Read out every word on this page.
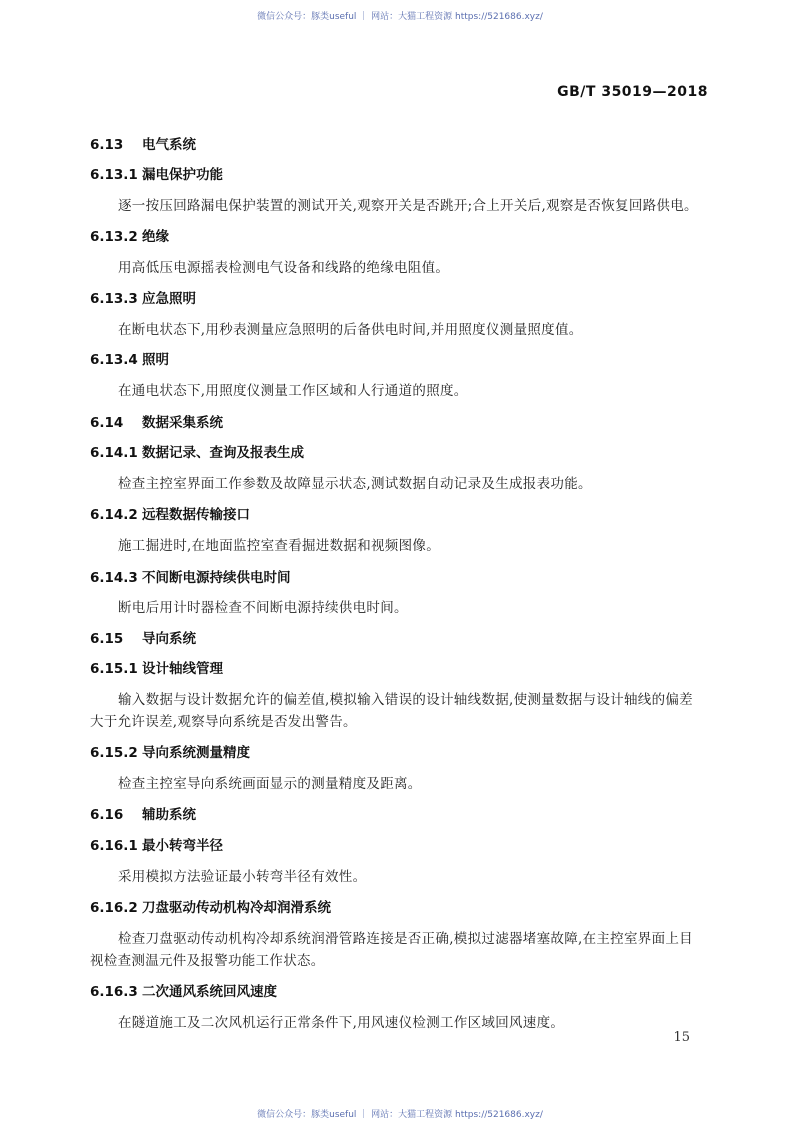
微信公众号：豚类useful ｜ 网站：大猫工程资源 https://521686.xyz/
GB/T 35019—2018
6.13 电气系统
6.13.1 漏电保护功能
逐一按压回路漏电保护装置的测试开关,观察开关是否跳开;合上开关后,观察是否恢复回路供电。
6.13.2 绝缘
用高低压电源摇表检测电气设备和线路的绝缘电阻值。
6.13.3 应急照明
在断电状态下,用秒表测量应急照明的后备供电时间,并用照度仪测量照度值。
6.13.4 照明
在通电状态下,用照度仪测量工作区域和人行通道的照度。
6.14 数据采集系统
6.14.1 数据记录、查询及报表生成
检查主控室界面工作参数及故障显示状态,测试数据自动记录及生成报表功能。
6.14.2 远程数据传输接口
施工掘进时,在地面监控室查看掘进数据和视频图像。
6.14.3 不间断电源持续供电时间
断电后用计时器检查不间断电源持续供电时间。
6.15 导向系统
6.15.1 设计轴线管理
输入数据与设计数据允许的偏差值,模拟输入错误的设计轴线数据,使测量数据与设计轴线的偏差
大于允许误差,观察导向系统是否发出警告。
6.15.2 导向系统测量精度
检查主控室导向系统画面显示的测量精度及距离。
6.16 辅助系统
6.16.1 最小转弯半径
采用模拟方法验证最小转弯半径有效性。
6.16.2 刀盘驱动传动机构冷却润滑系统
检查刀盘驱动传动机构冷却系统润滑管路连接是否正确,模拟过滤器堵塞故障,在主控室界面上目
视检查测温元件及报警功能工作状态。
6.16.3 二次通风系统回风速度
在隧道施工及二次风机运行正常条件下,用风速仪检测工作区域回风速度。
15
微信公众号：豚类useful ｜ 网站：大猫工程资源 https://521686.xyz/
